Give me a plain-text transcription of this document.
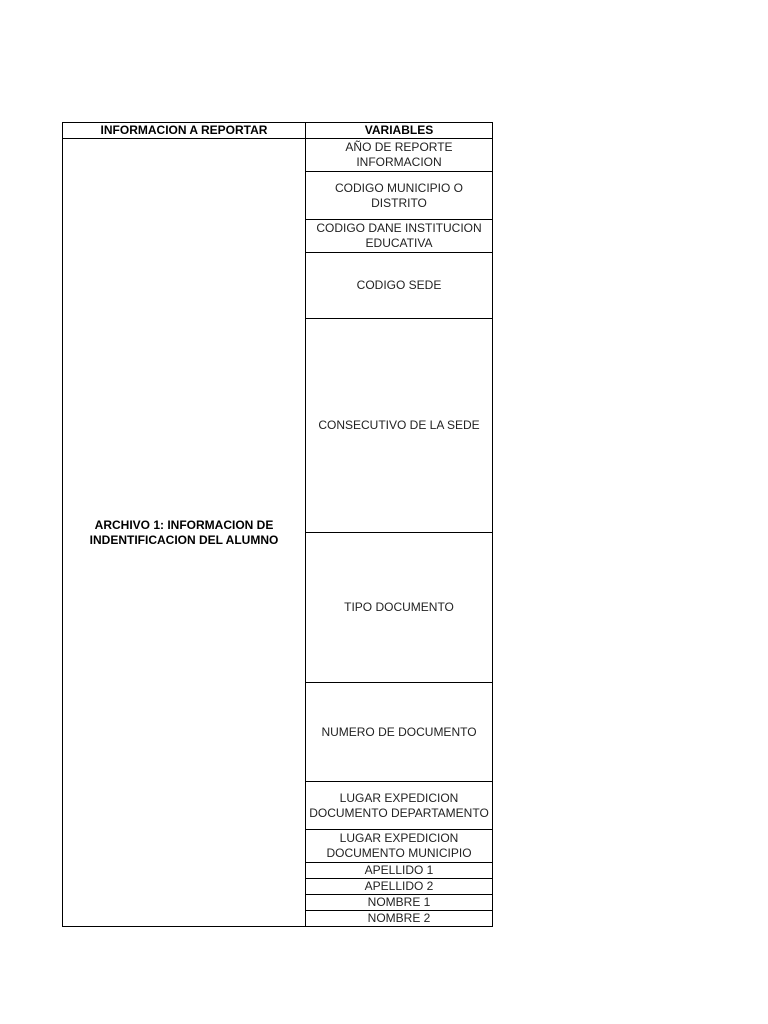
INFORMACION A REPORTAR	VARIABLES
ARCHIVO 1: INFORMACION DE INDENTIFICACION DEL ALUMNO	AÑO DE REPORTE INFORMACION
	CODIGO MUNICIPIO O DISTRITO
	CODIGO DANE INSTITUCION EDUCATIVA
	CODIGO SEDE
	CONSECUTIVO DE LA SEDE
	TIPO DOCUMENTO
	NUMERO DE DOCUMENTO
	LUGAR EXPEDICION DOCUMENTO DEPARTAMENTO
	LUGAR EXPEDICION DOCUMENTO MUNICIPIO
	APELLIDO 1
	APELLIDO 2
	NOMBRE 1
	NOMBRE 2
